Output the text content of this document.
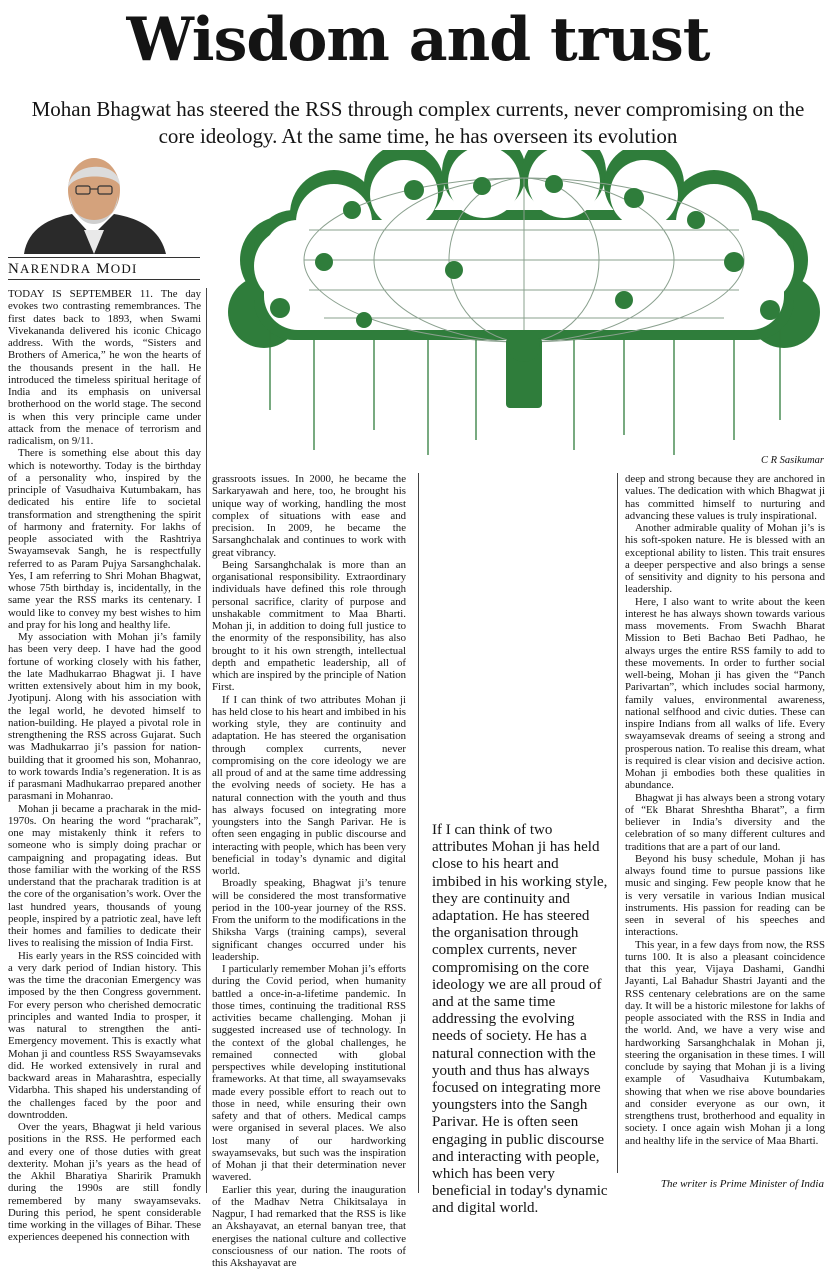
Wisdom and trust

Mohan Bhagwat has steered the RSS through complex currents, never compromising on the core ideology. At the same time, he has overseen its evolution

NARENDRA MODI
C R Sasikumar

TODAY IS SEPTEMBER 11. The day evokes two contrasting remembrances. The first dates back to 1893, when Swami Vivekananda delivered his iconic Chicago address. With the words, “Sisters and Brothers of America,” he won the hearts of the thousands present in the hall. He introduced the timeless spiritual heritage of India and its emphasis on universal brotherhood on the world stage. The second is when this very principle came under attack from the menace of terrorism and radicalism, on 9/11.

There is something else about this day which is noteworthy. Today is the birthday of a personality who, inspired by the principle of Vasudhaiva Kutumbakam, has dedicated his entire life to societal transformation and strengthening the spirit of harmony and fraternity. For lakhs of people associated with the Rashtriya Swayamsevak Sangh, he is respectfully referred to as Param Pujya Sarsanghchalak. Yes, I am referring to Shri Mohan Bhagwat, whose 75th birthday is, incidentally, in the same year the RSS marks its centenary. I would like to convey my best wishes to him and pray for his long and healthy life.

My association with Mohan ji’s family has been very deep. I have had the good fortune of working closely with his father, the late Madhukarrao Bhagwat ji. I have written extensively about him in my book, Jyotipunj. Along with his association with the legal world, he devoted himself to nation-building. He played a pivotal role in strengthening the RSS across Gujarat. Such was Madhukarrao ji’s passion for nation-building that it groomed his son, Mohanrao, to work towards India’s regeneration. It is as if parasmani Madhukarrao prepared another parasmani in Mohanrao.

Mohan ji became a pracharak in the mid-1970s. On hearing the word “pracharak”, one may mistakenly think it refers to someone who is simply doing prachar or campaigning and propagating ideas. But those familiar with the working of the RSS understand that the pracharak tradition is at the core of the organisation’s work. Over the last hundred years, thousands of young people, inspired by a patriotic zeal, have left their homes and families to dedicate their lives to realising the mission of India First.

His early years in the RSS coincided with a very dark period of Indian history. This was the time the draconian Emergency was imposed by the then Congress government. For every person who cherished democratic principles and wanted India to prosper, it was natural to strengthen the anti-Emergency movement. This is exactly what Mohan ji and countless RSS Swayamsevaks did. He worked extensively in rural and backward areas in Maharashtra, especially Vidarbha. This shaped his understanding of the challenges faced by the poor and downtrodden.

Over the years, Bhagwat ji held various positions in the RSS. He performed each and every one of those duties with great dexterity. Mohan ji’s years as the head of the Akhil Bharatiya Sharirik Pramukh during the 1990s are still fondly remembered by many swayamsevaks. During this period, he spent considerable time working in the villages of Bihar. These experiences deepened his connection with

grassroots issues. In 2000, he became the Sarkaryawah and here, too, he brought his unique way of working, handling the most complex of situations with ease and precision. In 2009, he became the Sarsanghchalak and continues to work with great vibrancy.

Being Sarsanghchalak is more than an organisational responsibility. Extraordinary individuals have defined this role through personal sacrifice, clarity of purpose and unshakable commitment to Maa Bharti. Mohan ji, in addition to doing full justice to the enormity of the responsibility, has also brought to it his own strength, intellectual depth and empathetic leadership, all of which are inspired by the principle of Nation First.

If I can think of two attributes Mohan ji has held close to his heart and imbibed in his working style, they are continuity and adaptation. He has steered the organisation through complex currents, never compromising on the core ideology we are all proud of and at the same time addressing the evolving needs of society. He has a natural connection with the youth and thus has always focused on integrating more youngsters into the Sangh Parivar. He is often seen engaging in public discourse and interacting with people, which has been very beneficial in today’s dynamic and digital world.

Broadly speaking, Bhagwat ji’s tenure will be considered the most transformative period in the 100-year journey of the RSS. From the uniform to the modifications in the Shiksha Vargs (training camps), several significant changes occurred under his leadership.

I particularly remember Mohan ji’s efforts during the Covid period, when humanity battled a once-in-a-lifetime pandemic. In those times, continuing the traditional RSS activities became challenging. Mohan ji suggested increased use of technology. In the context of the global challenges, he remained connected with global perspectives while developing institutional frameworks. At that time, all swayamsevaks made every possible effort to reach out to those in need, while ensuring their own safety and that of others. Medical camps were organised in several places. We also lost many of our hardworking swayamsevaks, but such was the inspiration of Mohan ji that their determination never wavered.

Earlier this year, during the inauguration of the Madhav Netra Chikitsalaya in Nagpur, I had remarked that the RSS is like an Akshayavat, an eternal banyan tree, that energises the national culture and collective consciousness of our nation. The roots of this Akshayavat are

If I can think of two attributes Mohan ji has held close to his heart and imbibed in his working style, they are continuity and adaptation. He has steered the organisation through complex currents, never compromising on the core ideology we are all proud of and at the same time addressing the evolving needs of society. He has a natural connection with the youth and thus has always focused on integrating more youngsters into the Sangh Parivar. He is often seen engaging in public discourse and interacting with people, which has been very beneficial in today's dynamic and digital world.

deep and strong because they are anchored in values. The dedication with which Bhagwat ji has committed himself to nurturing and advancing these values is truly inspirational.

Another admirable quality of Mohan ji’s is his soft-spoken nature. He is blessed with an exceptional ability to listen. This trait ensures a deeper perspective and also brings a sense of sensitivity and dignity to his persona and leadership.

Here, I also want to write about the keen interest he has always shown towards various mass movements. From Swachh Bharat Mission to Beti Bachao Beti Padhao, he always urges the entire RSS family to add to these movements. In order to further social well-being, Mohan ji has given the “Panch Parivartan”, which includes social harmony, family values, environmental awareness, national selfhood and civic duties. These can inspire Indians from all walks of life. Every swayamsevak dreams of seeing a strong and prosperous nation. To realise this dream, what is required is clear vision and decisive action. Mohan ji embodies both these qualities in abundance.

Bhagwat ji has always been a strong votary of “Ek Bharat Shreshtha Bharat”, a firm believer in India’s diversity and the celebration of so many different cultures and traditions that are a part of our land.

Beyond his busy schedule, Mohan ji has always found time to pursue passions like music and singing. Few people know that he is very versatile in various Indian musical instruments. His passion for reading can be seen in several of his speeches and interactions.

This year, in a few days from now, the RSS turns 100. It is also a pleasant coincidence that this year, Vijaya Dashami, Gandhi Jayanti, Lal Bahadur Shastri Jayanti and the RSS centenary celebrations are on the same day. It will be a historic milestone for lakhs of people associated with the RSS in India and the world. And, we have a very wise and hardworking Sarsanghchalak in Mohan ji, steering the organisation in these times. I will conclude by saying that Mohan ji is a living example of Vasudhaiva Kutumbakam, showing that when we rise above boundaries and consider everyone as our own, it strengthens trust, brotherhood and equality in society. I once again wish Mohan ji a long and healthy life in the service of Maa Bharti.

The writer is Prime Minister of India
